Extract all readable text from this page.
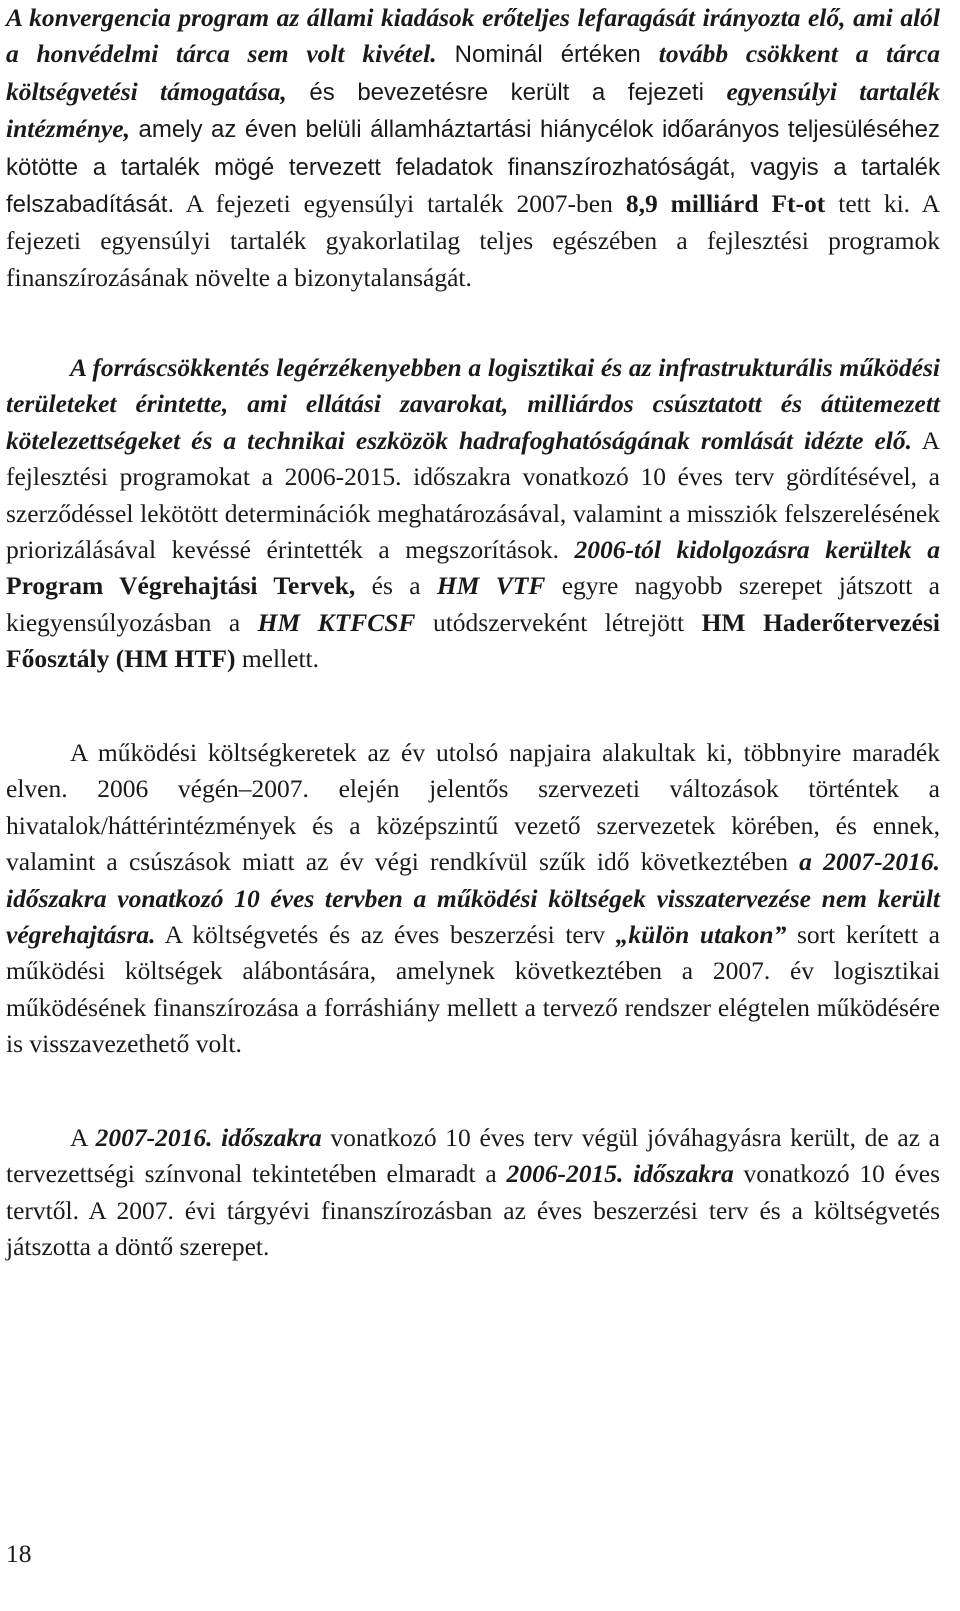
A konvergencia program az állami kiadások erőteljes lefaragását irányozta elő, ami alól a honvédelmi tárca sem volt kivétel. Nominál értéken tovább csökkent a tárca költségvetési támogatása, és bevezetésre került a fejezeti egyensúlyi tartalék intézménye, amely az éven belüli államháztartási hiánycélok időarányos teljesüléséhez kötötte a tartalék mögé tervezett feladatok finanszírozhatóságát, vagyis a tartalék felszabadítását. A fejezeti egyensúlyi tartalék 2007-ben 8,9 milliárd Ft-ot tett ki. A fejezeti egyensúlyi tartalék gyakorlatilag teljes egészében a fejlesztési programok finanszírozásának növelte a bizonytalanságát.

A forráscsökkentés legérzékenyebben a logisztikai és az infrastrukturális működési területeket érintette, ami ellátási zavarokat, milliárdos csúsztatott és átütemezett kötelezettségeket és a technikai eszközök hadrafoghatóságának romlását idézte elő. A fejlesztési programokat a 2006-2015. időszakra vonatkozó 10 éves terv gördítésével, a szerződéssel lekötött determinációk meghatározásával, valamint a missziók felszerelésének priorizálásával kevéssé érintették a megszorítások. 2006-tól kidolgozásra kerültek a Program Végrehajtási Tervek, és a HM VTF egyre nagyobb szerepet játszott a kiegyensúlyozásban a HM KTFCSF utódszerveként létrejött HM Haderőtervezési Főosztály (HM HTF) mellett.

A működési költségkeretek az év utolsó napjaira alakultak ki, többnyire maradék elven. 2006 végén–2007. elején jelentős szervezeti változások történtek a hivatalok/háttérintézmények és a középszintű vezető szervezetek körében, és ennek, valamint a csúszások miatt az év végi rendkívül szűk idő következtében a 2007-2016. időszakra vonatkozó 10 éves tervben a működési költségek visszatervezése nem került végrehajtásra. A költségvetés és az éves beszerzési terv „külön utakon” sort kerített a működési költségek alábontására, amelynek következtében a 2007. év logisztikai működésének finanszírozása a forráshiány mellett a tervező rendszer elégtelen működésére is visszavezethető volt.

A 2007-2016. időszakra vonatkozó 10 éves terv végül jóváhagyásra került, de az a tervezettségi színvonal tekintetében elmaradt a 2006-2015. időszakra vonatkozó 10 éves tervtől. A 2007. évi tárgyévi finanszírozásban az éves beszerzési terv és a költségvetés játszotta a döntő szerepet.

18
